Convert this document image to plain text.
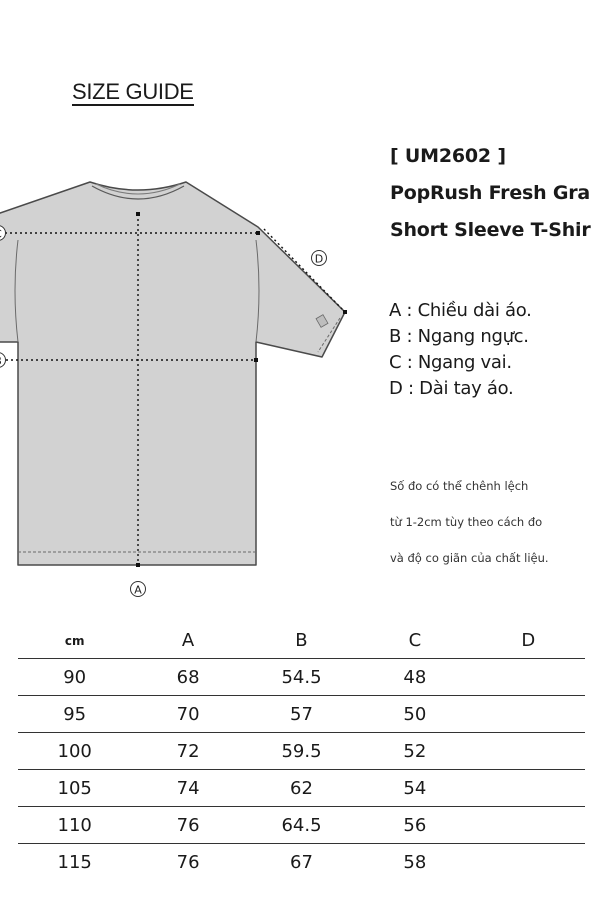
SIZE GUIDE
A
D
[ UM2602 ]
PopRush Fresh Gra
Short Sleeve T-Shir
A : Chiều dài áo.
B : Ngang ngực.
C : Ngang vai.
D : Dài tay áo.
Số đo có thể chênh lệch
từ 1-2cm tùy theo cách đo
và độ co giãn của chất liệu.
cm	A	B	C	D
90	68	54.5	48	
95	70	57	50	
100	72	59.5	52	
105	74	62	54	
110	76	64.5	56	
115	76	67	58	
